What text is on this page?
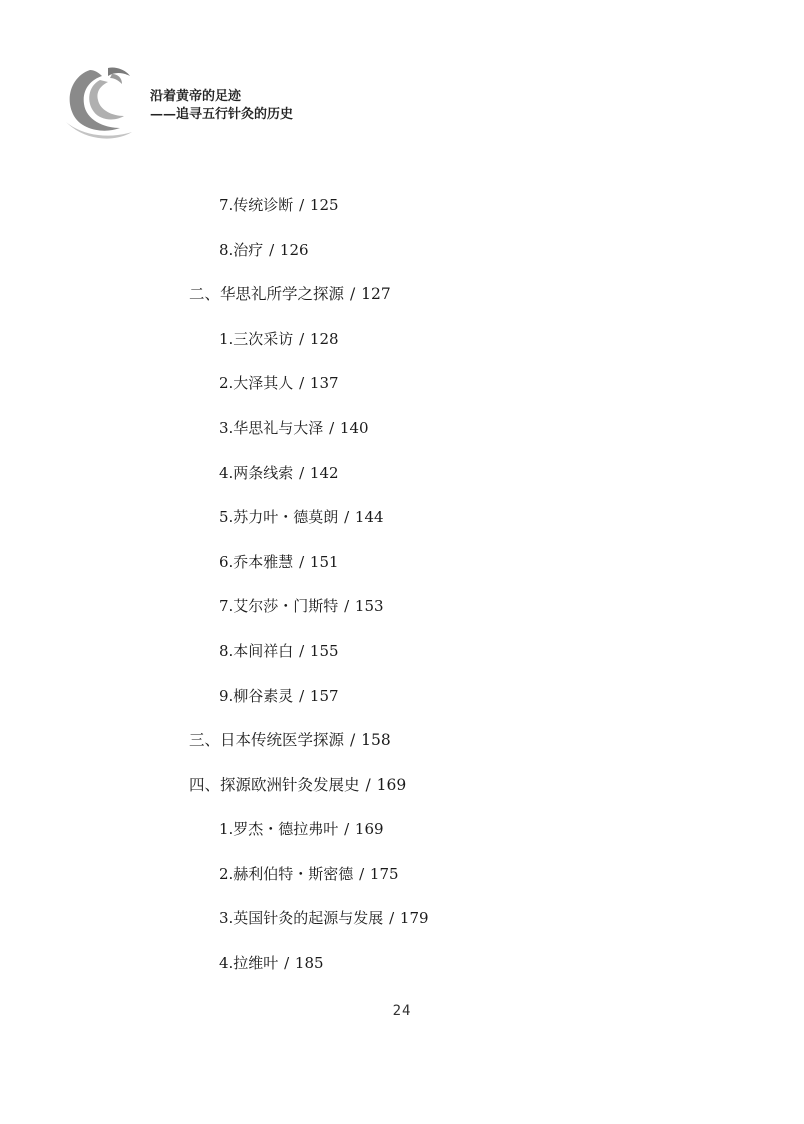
沿着黄帝的足迹
——追寻五行针灸的历史
7.传统诊断 / 125
8.治疗 / 126
二、华思礼所学之探源 / 127
1.三次采访 / 128
2.大泽其人 / 137
3.华思礼与大泽 / 140
4.两条线索 / 142
5.苏力叶・德莫朗 / 144
6.乔本雅慧 / 151
7.艾尔莎・门斯特 / 153
8.本间祥白 / 155
9.柳谷素灵 / 157
三、日本传统医学探源 / 158
四、探源欧洲针灸发展史 / 169
1.罗杰・德拉弗叶 / 169
2.赫利伯特・斯密德 / 175
3.英国针灸的起源与发展 / 179
4.拉维叶 / 185
24
